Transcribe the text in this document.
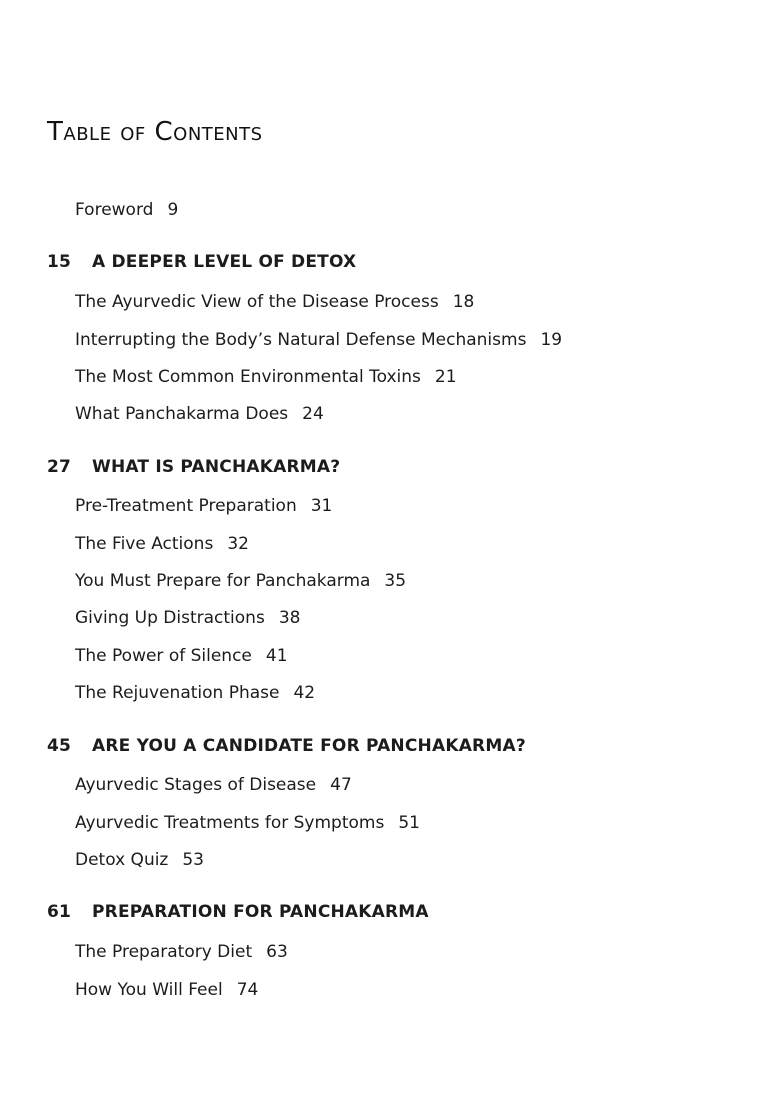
Table of Contents
Foreword 9
15 A DEEPER LEVEL OF DETOX
The Ayurvedic View of the Disease Process 18
Interrupting the Body’s Natural Defense Mechanisms 19
The Most Common Environmental Toxins 21
What Panchakarma Does 24
27 WHAT IS PANCHAKARMA?
Pre-Treatment Preparation 31
The Five Actions 32
You Must Prepare for Panchakarma 35
Giving Up Distractions 38
The Power of Silence 41
The Rejuvenation Phase 42
45 ARE YOU A CANDIDATE FOR PANCHAKARMA?
Ayurvedic Stages of Disease 47
Ayurvedic Treatments for Symptoms 51
Detox Quiz 53
61 PREPARATION FOR PANCHAKARMA
The Preparatory Diet 63
How You Will Feel 74
